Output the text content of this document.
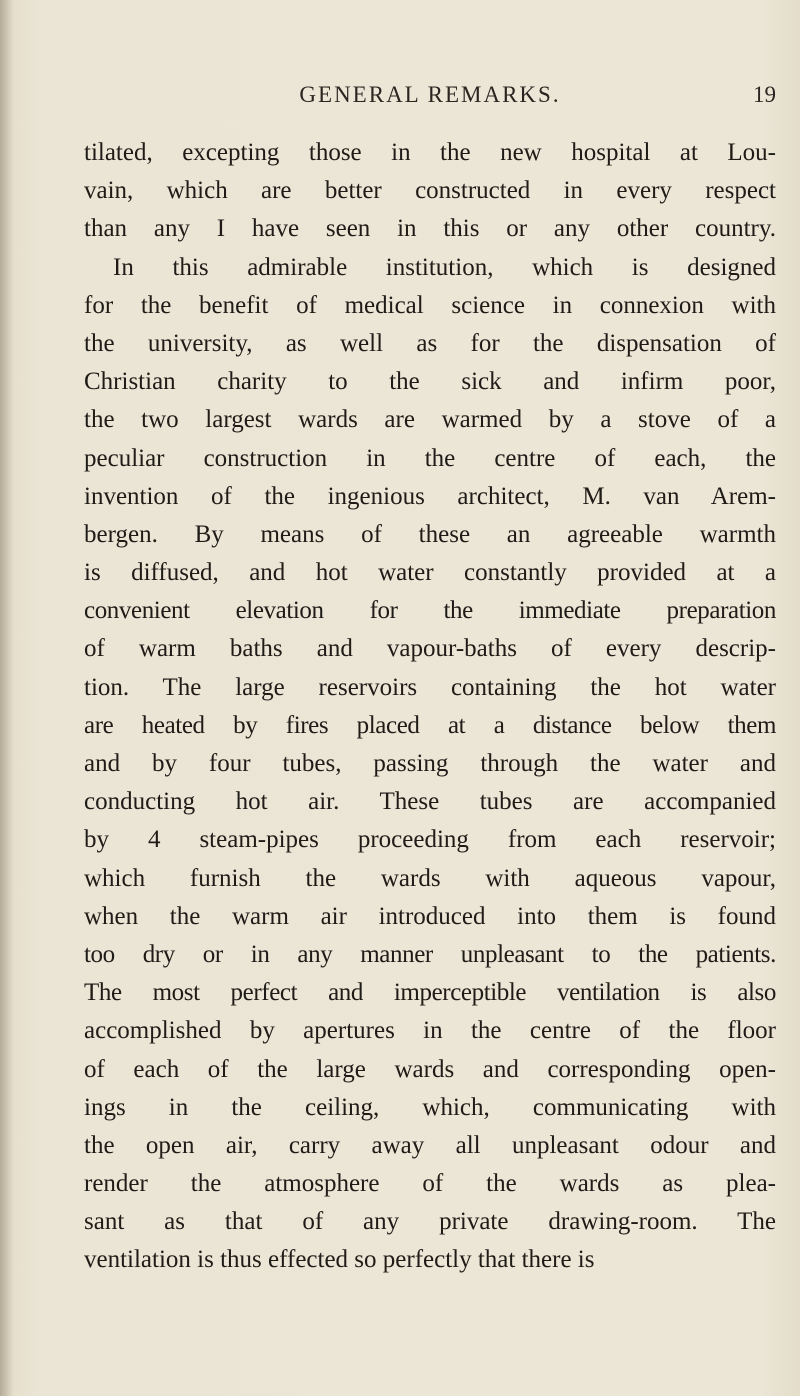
GENERAL REMARKS.	19
tilated, excepting those in the new hospital at Lou-
vain, which are better constructed in every respect
than any I have seen in this or any other country.
In this admirable institution, which is designed
for the benefit of medical science in connexion with
the university, as well as for the dispensation of
Christian charity to the sick and infirm poor,
the two largest wards are warmed by a stove of a
peculiar construction in the centre of each, the
invention of the ingenious architect, M. van Arem-
bergen. By means of these an agreeable warmth
is diffused, and hot water constantly provided at a
convenient elevation for the immediate preparation
of warm baths and vapour-baths of every descrip-
tion. The large reservoirs containing the hot water
are heated by fires placed at a distance below them
and by four tubes, passing through the water and
conducting hot air. These tubes are accompanied
by 4 steam-pipes proceeding from each reservoir;
which furnish the wards with aqueous vapour,
when the warm air introduced into them is found
too dry or in any manner unpleasant to the patients.
The most perfect and imperceptible ventilation is also
accomplished by apertures in the centre of the floor
of each of the large wards and corresponding open-
ings in the ceiling, which, communicating with
the open air, carry away all unpleasant odour and
render the atmosphere of the wards as plea-
sant as that of any private drawing-room. The
ventilation is thus effected so perfectly that there is
